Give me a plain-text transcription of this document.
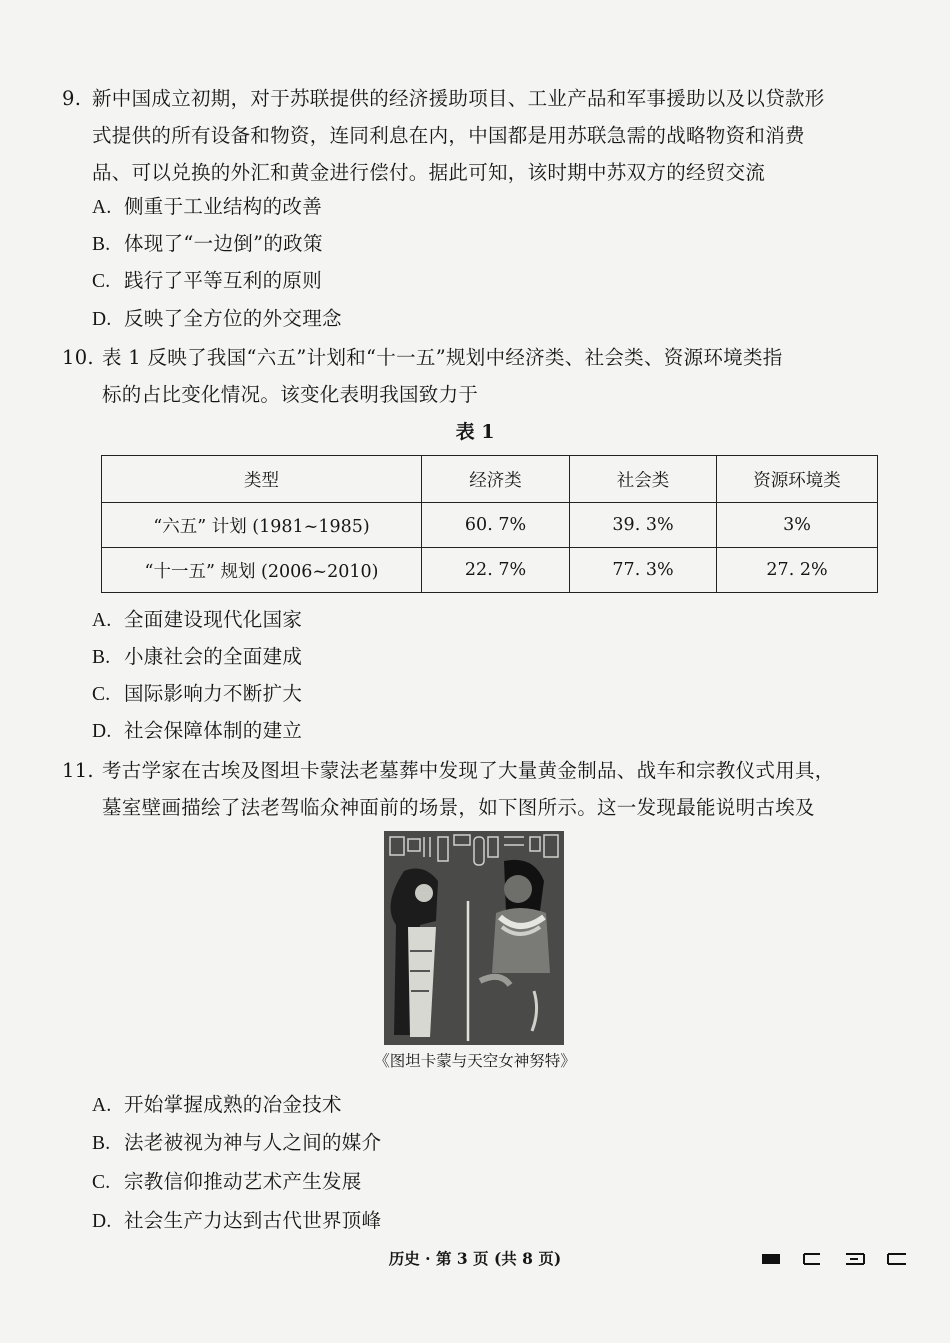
9. 新中国成立初期，对于苏联提供的经济援助项目、工业产品和军事援助以及以贷款形
式提供的所有设备和物资，连同利息在内，中国都是用苏联急需的战略物资和消费
品、可以兑换的外汇和黄金进行偿付。据此可知，该时期中苏双方的经贸交流
A. 侧重于工业结构的改善
B. 体现了“一边倒”的政策
C. 践行了平等互利的原则
D. 反映了全方位的外交理念
10. 表 1 反映了我国“六五”计划和“十一五”规划中经济类、社会类、资源环境类指
标的占比变化情况。该变化表明我国致力于
表 1
类型	经济类	社会类	资源环境类
“六五” 计划 (1981~1985)	60. 7%	39. 3%	3%
“十一五” 规划 (2006~2010)	22. 7%	77. 3%	27. 2%
A. 全面建设现代化国家
B. 小康社会的全面建成
C. 国际影响力不断扩大
D. 社会保障体制的建立
11. 考古学家在古埃及图坦卡蒙法老墓葬中发现了大量黄金制品、战车和宗教仪式用具，
墓室壁画描绘了法老驾临众神面前的场景，如下图所示。这一发现最能说明古埃及
《图坦卡蒙与天空女神努特》
A. 开始掌握成熟的冶金技术
B. 法老被视为神与人之间的媒介
C. 宗教信仰推动艺术产生发展
D. 社会生产力达到古代世界顶峰
历史 · 第 3 页 (共 8 页)
